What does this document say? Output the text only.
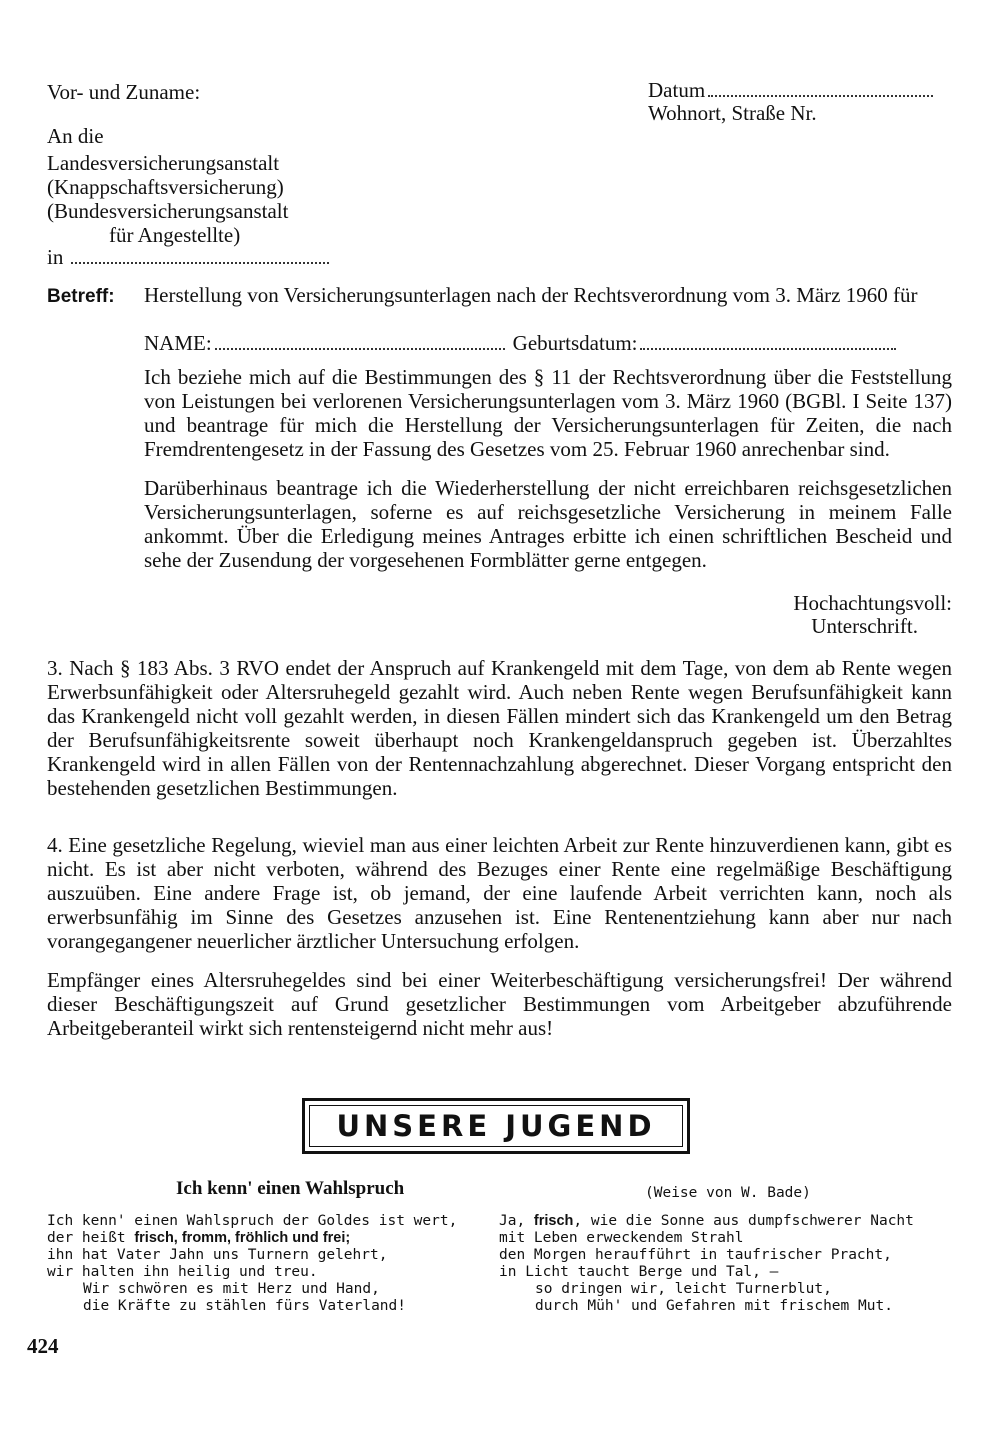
Vor- und Zuname:	Datum
Wohnort, Straße Nr.
An die
Landesversicherungsanstalt
(Knappschaftsversicherung)
(Bundesversicherungsanstalt
für Angestellte)
in
Betreff: Herstellung von Versicherungsunterlagen nach der Rechtsverordnung vom 3. März 1960 für
NAME:	Geburtsdatum:
Ich beziehe mich auf die Bestimmungen des § 11 der Rechtsverordnung über die Feststellung von Leistungen bei verlorenen Versicherungsunterlagen vom 3. März 1960 (BGBl. I Seite 137) und beantrage für mich die Herstellung der Versicherungsunterlagen für Zeiten, die nach Fremdrentengesetz in der Fassung des Gesetzes vom 25. Februar 1960 anrechenbar sind.
Darüberhinaus beantrage ich die Wiederherstellung der nicht erreichbaren reichsgesetzlichen Versicherungsunterlagen, soferne es auf reichsgesetzliche Versicherung in meinem Falle ankommt. Über die Erledigung meines Antrages erbitte ich einen schriftlichen Bescheid und sehe der Zusendung der vorgesehenen Formblätter gerne entgegen.
Hochachtungsvoll:
Unterschrift.
3. Nach § 183 Abs. 3 RVO endet der Anspruch auf Krankengeld mit dem Tage, von dem ab Rente wegen Erwerbsunfähigkeit oder Altersruhegeld gezahlt wird. Auch neben Rente wegen Berufsunfähigkeit kann das Krankengeld nicht voll gezahlt werden, in diesen Fällen mindert sich das Krankengeld um den Betrag der Berufsunfähigkeitsrente soweit überhaupt noch Krankengeldanspruch gegeben ist. Überzahltes Krankengeld wird in allen Fällen von der Rentennachzahlung abgerechnet. Dieser Vorgang entspricht den bestehenden gesetzlichen Bestimmungen.
4. Eine gesetzliche Regelung, wieviel man aus einer leichten Arbeit zur Rente hinzuverdienen kann, gibt es nicht. Es ist aber nicht verboten, während des Bezuges einer Rente eine regelmäßige Beschäftigung auszuüben. Eine andere Frage ist, ob jemand, der eine laufende Arbeit verrichten kann, noch als erwerbsunfähig im Sinne des Gesetzes anzusehen ist. Eine Rentenentziehung kann aber nur nach vorangegangener neuerlicher ärztlicher Untersuchung erfolgen.
Empfänger eines Altersruhegeldes sind bei einer Weiterbeschäftigung versicherungsfrei! Der während dieser Beschäftigungszeit auf Grund gesetzlicher Bestimmungen vom Arbeitgeber abzuführende Arbeitgeberanteil wirkt sich rentensteigernd nicht mehr aus!
UNSERE JUGEND
Ich kenn' einen Wahlspruch	(Weise von W. Bade)
Ich kenn' einen Wahlspruch der Goldes ist wert,
der heißt frisch, fromm, fröhlich und frei;
ihn hat Vater Jahn uns Turnern gelehrt,
wir halten ihn heilig und treu.
Wir schwören es mit Herz und Hand,
die Kräfte zu stählen fürs Vaterland!
Ja, frisch, wie die Sonne aus dumpfschwerer Nacht
mit Leben erweckendem Strahl
den Morgen heraufführt in taufrischer Pracht,
in Licht taucht Berge und Tal, —
so dringen wir, leicht Turnerblut,
durch Müh' und Gefahren mit frischem Mut.
424
